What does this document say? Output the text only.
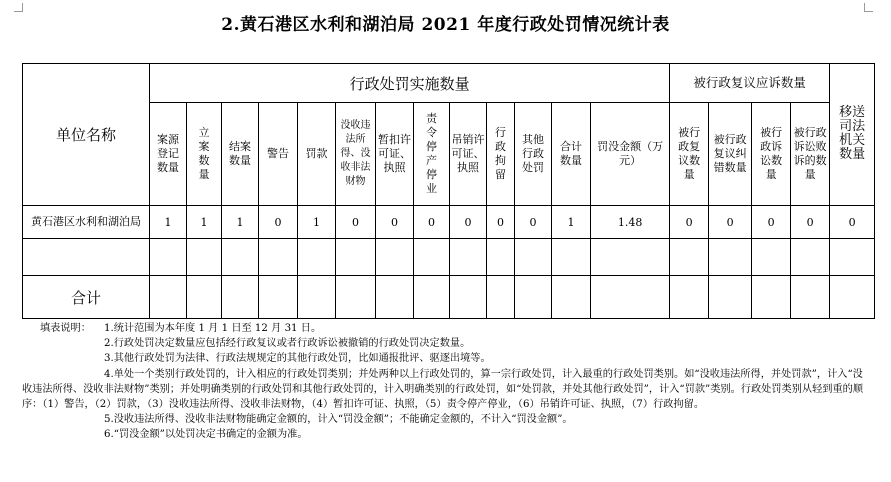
2.黄石港区水利和湖泊局 2021 年度行政处罚情况统计表
单位名称	行政处罚实施数量													被行政复议应诉数量				移送司法机关数量
	案源登记数量	立案数量	结案数量	警告	罚款	没收违法所得、没收非法财物	暂扣许可证、执照	责令停产停业	吊销许可证、执照	行政拘留	其他行政处罚	合计数量	罚没金额（万元）	被行政复议数量	被行政复议纠错数量	被行政诉讼数量	被行政诉讼败诉的数量	
黄石港区水利和湖泊局	1	1	1	0	1	0	0	0	0	0	0	1	1.48	0	0	0	0	0

合计																		
填表说明： 1.统计范围为本年度 1 月 1 日至 12 月 31 日。
2.行政处罚决定数量应包括经行政复议或者行政诉讼被撤销的行政处罚决定数量。
3.其他行政处罚为法律、行政法规规定的其他行政处罚，比如通报批评、驱逐出境等。
4.单处一个类别行政处罚的，计入相应的行政处罚类别；并处两种以上行政处罚的，算一宗行政处罚，计入最重的行政处罚类别。如“没收违法所得，并处罚款”，计入“没收违法所得、没收非法财物”类别；并处明确类别的行政处罚和其他行政处罚的，计入明确类别的行政处罚，如“处罚款，并处其他行政处罚”，计入“罚款”类别。行政处罚类别从轻到重的顺序：（1）警告，（2）罚款，（3）没收违法所得、没收非法财物，（4）暂扣许可证、执照，（5）责令停产停业，（6）吊销许可证、执照，（7）行政拘留。
5.没收违法所得、没收非法财物能确定金额的，计入“罚没金额”；不能确定金额的，不计入“罚没金额”。
6.“罚没金额”以处罚决定书确定的金额为准。
